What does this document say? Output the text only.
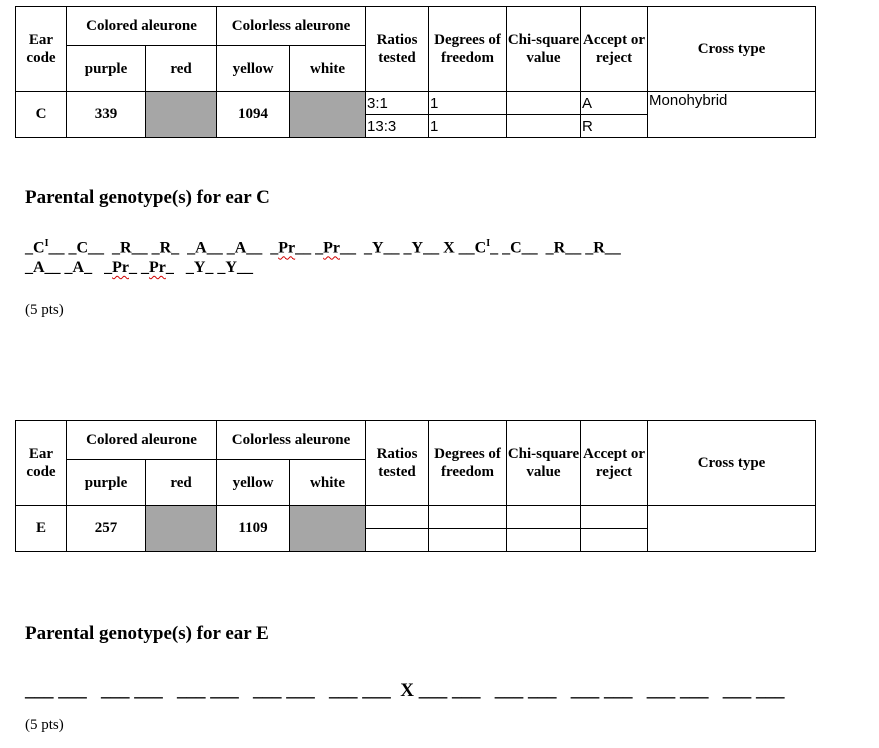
Ear code	Colored aleurone		Colorless aleurone		Ratios tested	Degrees of freedom	Chi-square value	Accept or reject	Cross type
	purple	red	yellow	white					
C	339		1094		3:1	1		A	Monohybrid
					13:3	1		R	
Parental genotype(s) for ear C
$\_C^I\_\_$ _C__  _R__ _R_  _A__ _A__  _Pr__ _Pr__  _Y__ _Y__ X $\_\_C^I\_$ _C__  _R__ _R__
_A__ _A_   _Pr_ _Pr_   _Y_ _Y__
(5 pts)
Ear code	Colored aleurone		Colorless aleurone		Ratios tested	Degrees of freedom	Chi-square value	Accept or reject	Cross type
	purple	red	yellow	white					
E	257		1109						

Parental genotype(s) for ear E
___ ___   ___ ___   ___ ___   ___ ___   ___ ___  X ___ ___   ___ ___   ___ ___   ___ ___   ___ ___
(5 pts)
